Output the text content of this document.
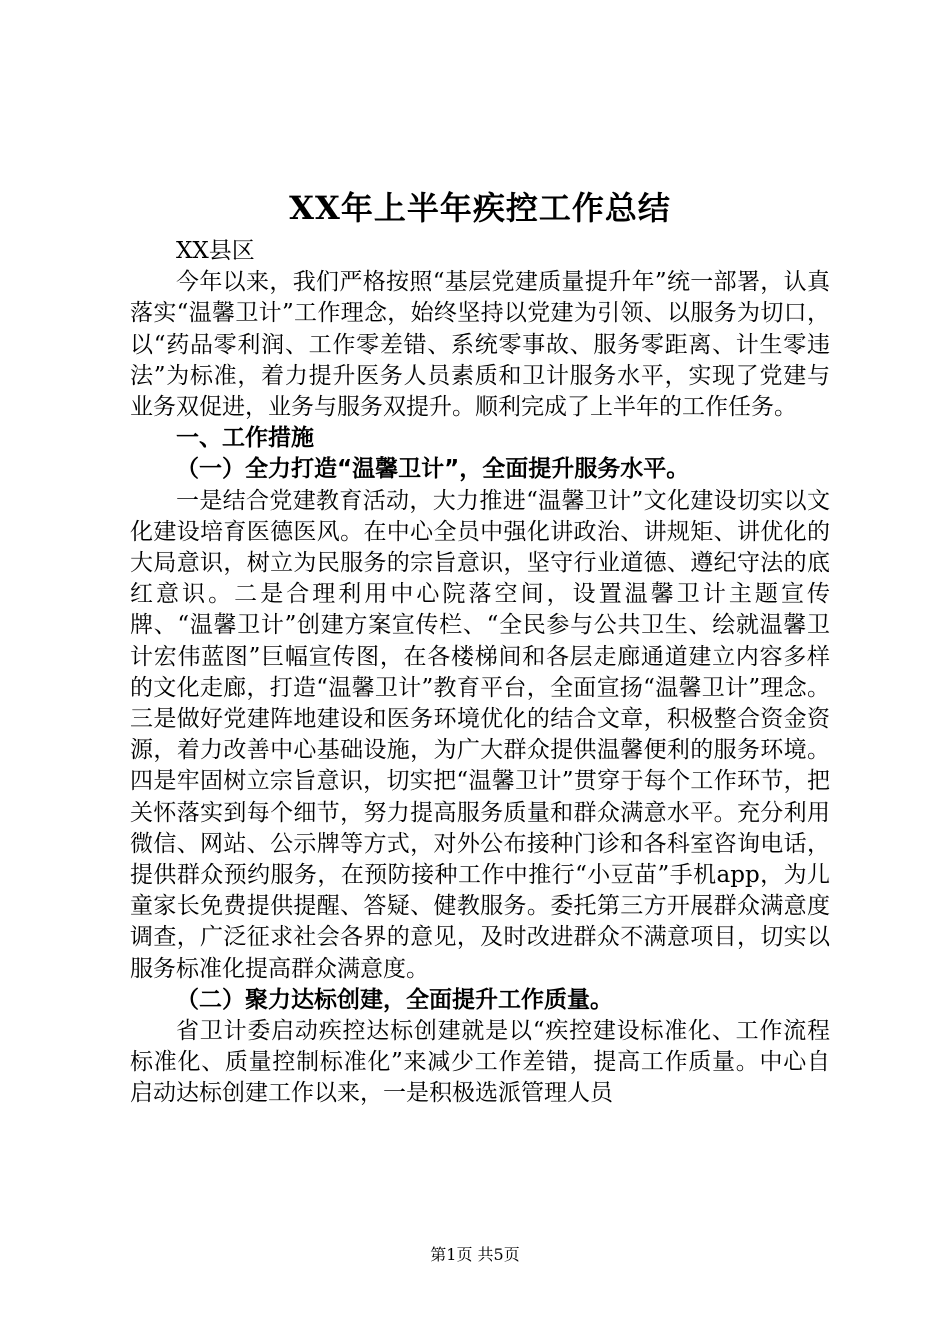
XX年上半年疾控工作总结

XX县区

今年以来，我们严格按照“基层党建质量提升年”统一部署，认真落实“温馨卫计”工作理念，始终坚持以党建为引领、以服务为切口，以“药品零利润、工作零差错、系统零事故、服务零距离、计生零违法”为标准，着力提升医务人员素质和卫计服务水平，实现了党建与业务双促进，业务与服务双提升。顺利完成了上半年的工作任务。

一、工作措施

（一）全力打造“温馨卫计”，全面提升服务水平。

一是结合党建教育活动，大力推进“温馨卫计”文化建设切实以文化建设培育医德医风。在中心全员中强化讲政治、讲规矩、讲优化的大局意识，树立为民服务的宗旨意识，坚守行业道德、遵纪守法的底红意识。二是合理利用中心院落空间，设置温馨卫计主题宣传牌、“温馨卫计”创建方案宣传栏、“全民参与公共卫生、绘就温馨卫计宏伟蓝图”巨幅宣传图，在各楼梯间和各层走廊通道建立内容多样的文化走廊，打造“温馨卫计”教育平台，全面宣扬“温馨卫计”理念。三是做好党建阵地建设和医务环境优化的结合文章，积极整合资金资源，着力改善中心基础设施，为广大群众提供温馨便利的服务环境。四是牢固树立宗旨意识，切实把“温馨卫计”贯穿于每个工作环节，把关怀落实到每个细节，努力提高服务质量和群众满意水平。充分利用微信、网站、公示牌等方式，对外公布接种门诊和各科室咨询电话，提供群众预约服务，在预防接种工作中推行“小豆苗”手机app，为儿童家长免费提供提醒、答疑、健教服务。委托第三方开展群众满意度调查，广泛征求社会各界的意见，及时改进群众不满意项目，切实以服务标准化提高群众满意度。

（二）聚力达标创建，全面提升工作质量。

省卫计委启动疾控达标创建就是以“疾控建设标准化、工作流程标准化、质量控制标准化”来减少工作差错，提高工作质量。中心自启动达标创建工作以来，一是积极选派管理人员

第1页 共5页
